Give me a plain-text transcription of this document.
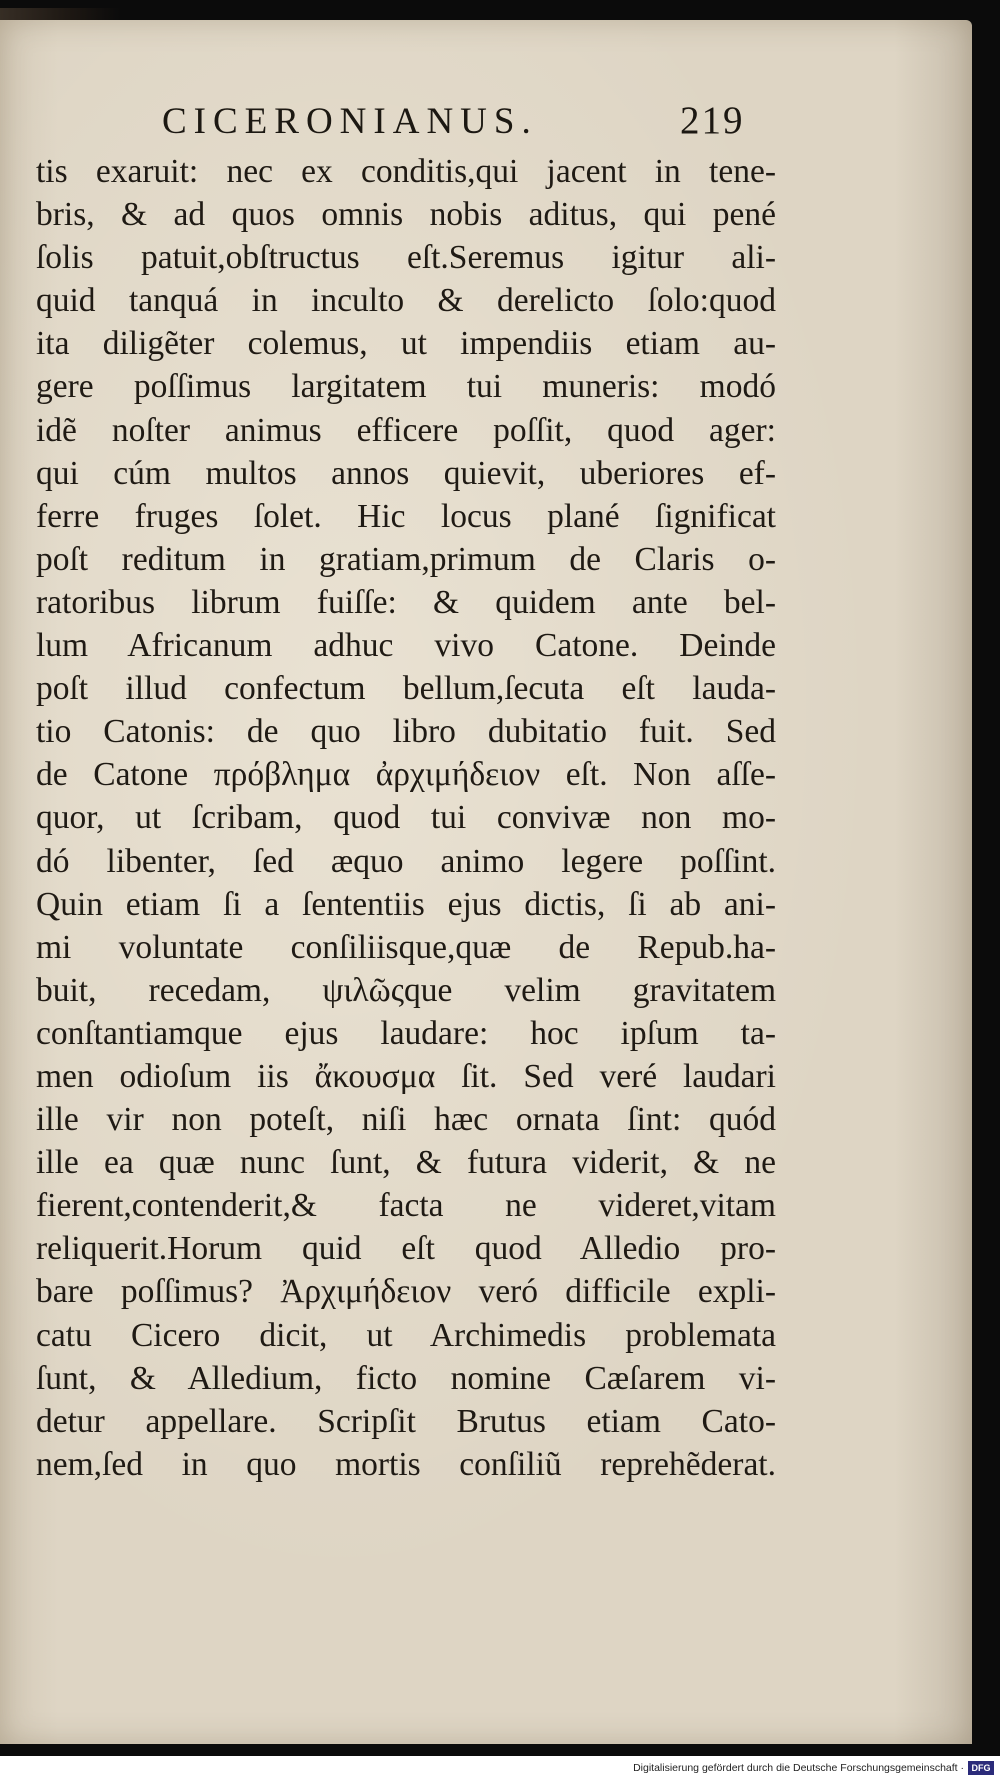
CICERONIANUS.	219
tis exaruit: nec ex conditis,qui jacent in tene-
bris, & ad quos omnis nobis aditus, qui pené
ſolis patuit,obſtructus eſt.Seremus igitur ali-
quid tanquá in inculto & derelicto ſolo:quod
ita diligẽter colemus, ut impendiis etiam au-
gere poſſimus largitatem tui muneris: modó
idẽ noſter animus efficere poſſit, quod ager:
qui cúm multos annos quievit, uberiores ef-
ferre fruges ſolet. Hic locus plané ſignificat
poſt reditum in gratiam,primum de Claris o-
ratoribus librum fuiſſe: & quidem ante bel-
lum Africanum adhuc vivo Catone. Deinde
poſt illud confectum bellum,ſecuta eſt lauda-
tio Catonis: de quo libro dubitatio fuit. Sed
de Catone πρόβλημα ἀρχιμήδειον eſt. Non aſſe-
quor, ut ſcribam, quod tui convivæ non mo-
dó libenter, ſed æquo animo legere poſſint.
Quin etiam ſi a ſententiis ejus dictis, ſi ab ani-
mi voluntate conſiliisque,quæ de Repub.ha-
buit, recedam, ψιλῶςque velim gravitatem
conſtantiamque ejus laudare: hoc ipſum ta-
men odioſum iis ἄκουσμα ſit. Sed veré laudari
ille vir non poteſt, niſi hæc ornata ſint: quód
ille ea quæ nunc ſunt, & futura viderit, & ne
fierent,contenderit,& facta ne videret,vitam
reliquerit.Horum quid eſt quod Alledio pro-
bare poſſimus? Ἀρχιμήδειον veró difficile expli-
catu Cicero dicit, ut Archimedis problemata
ſunt, & Alledium, ficto nomine Cæſarem vi-
detur appellare. Scripſit Brutus etiam Cato-
nem,ſed in quo mortis conſiliũ reprehẽderat.
Digitalisierung gefördert durch die Deutsche Forschungsgemeinschaft · DFG
